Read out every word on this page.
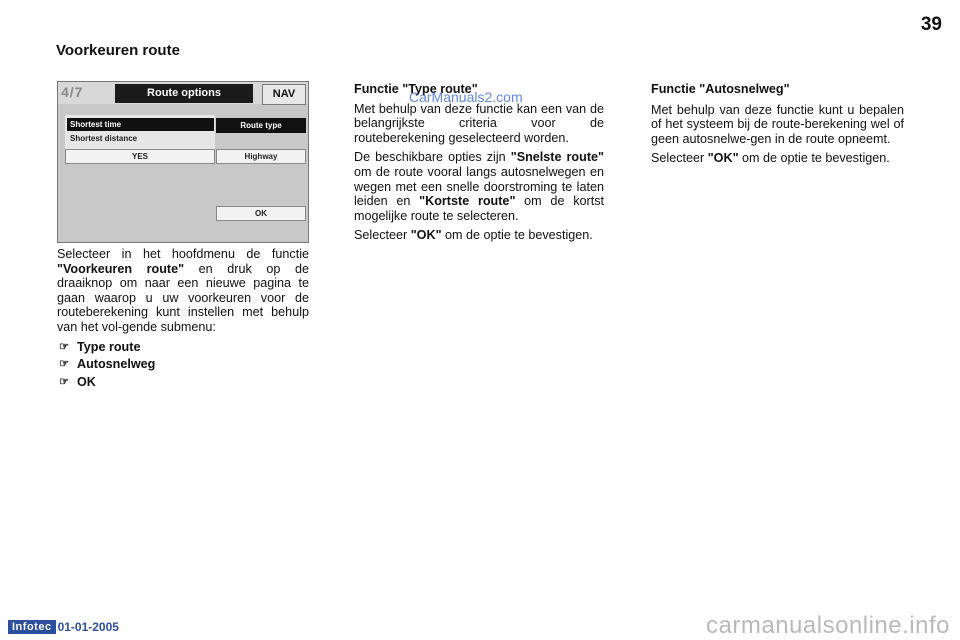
39
Voorkeuren route
4/7	Route options	NAV
Shortest time
Shortest distance
Route type
YES	Highway
OK

Selecteer in het hoofdmenu de functie "Voorkeuren route" en druk op de draaiknop om naar een nieuwe pagina te gaan waarop u uw voorkeuren voor de routeberekening kunt instellen met behulp van het vol-gende submenu:

☞ Type route
☞ Autosnelweg
☞ OK

Functie "Type route"

Met behulp van deze functie kan een van de belangrijkste criteria voor de routeberekening geselecteerd worden.

De beschikbare opties zijn "Snelste route" om de route vooral langs autosnelwegen en wegen met een snelle doorstroming te laten leiden en "Kortste route" om de kortst mogelijke route te selecteren.

Selecteer "OK" om de optie te bevestigen.

Functie "Autosnelweg"

Met behulp van deze functie kunt u bepalen of het systeem bij de route-berekening wel of geen autosnelwe-gen in de route opneemt.

Selecteer "OK" om de optie te bevestigen.

CarManuals2.com
Infotec 01-01-2005	carmanualsonline.info
